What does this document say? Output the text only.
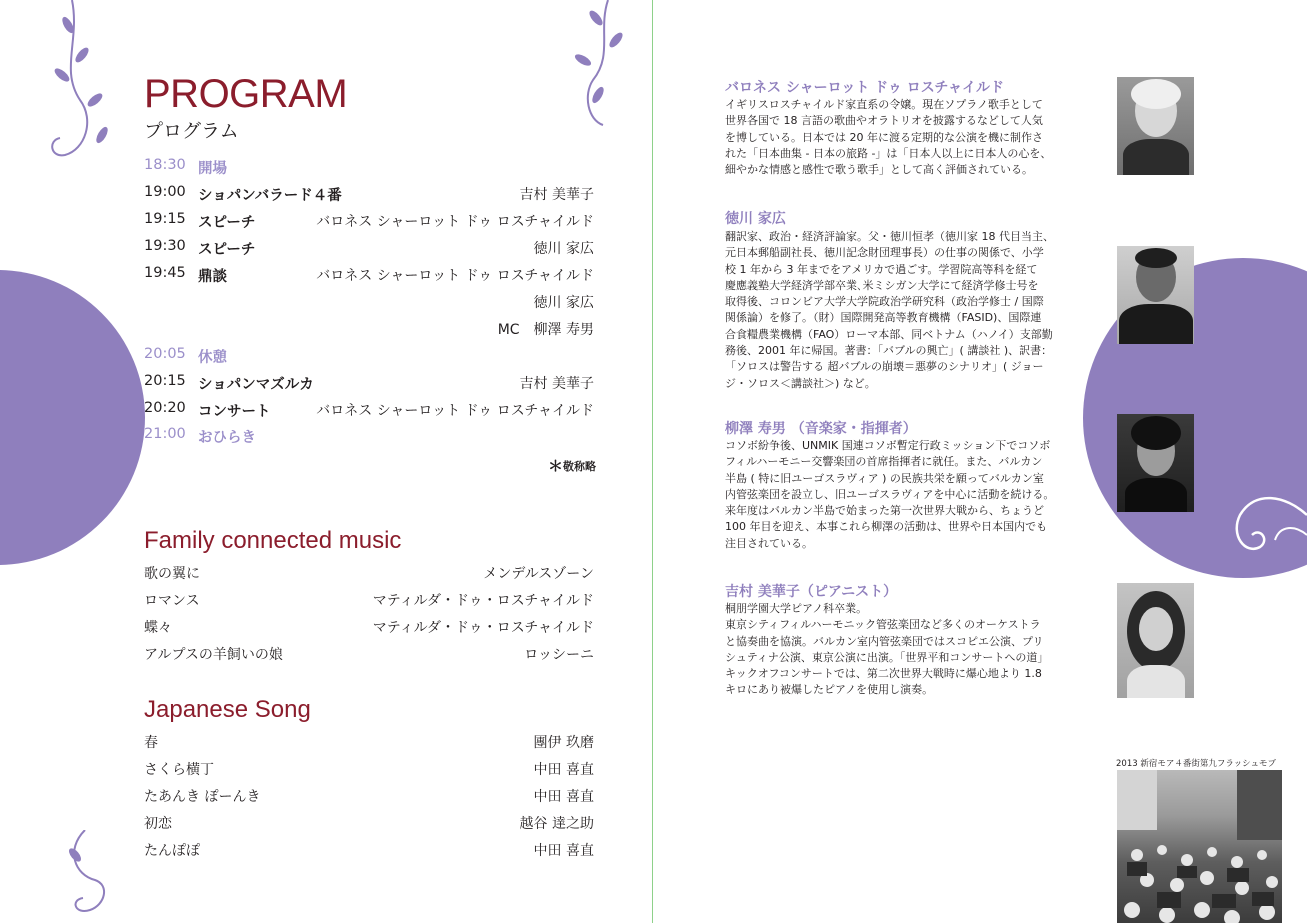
PROGRAM
プログラム
18:30 開場
19:00 ショパンバラード４番	吉村 美華子
19:15 スピーチ	バロネス シャーロット ドゥ ロスチャイルド
19:30 スピーチ	徳川 家広
19:45 鼎談	バロネス シャーロット ドゥ ロスチャイルド
徳川 家広
MC　柳澤 寿男
20:05 休憩
20:15 ショパンマズルカ	吉村 美華子
20:20 コンサート	バロネス シャーロット ドゥ ロスチャイルド
21:00 おひらき
＊敬称略
Family connected music
歌の翼に	メンデルスゾーン
ロマンス	マティルダ・ドゥ・ロスチャイルド
蝶々	マティルダ・ドゥ・ロスチャイルド
アルプスの羊飼いの娘	ロッシーニ
Japanese Song
春	團伊 玖磨
さくら横丁	中田 喜直
たあんき ぽーんき	中田 喜直
初恋	越谷 達之助
たんぽぽ	中田 喜直
バロネス シャーロット ドゥ ロスチャイルド
イギリスロスチャイルド家直系の令嬢。現在ソプラノ歌手として
世界各国で 18 言語の歌曲やオラトリオを披露するなどして人気
を博している。日本では 20 年に渡る定期的な公演を機に制作さ
れた「日本曲集 - 日本の旅路 -」は「日本人以上に日本人の心を、
細やかな情感と感性で歌う歌手」として高く評価されている。
徳川 家広
翻訳家、政治・経済評論家。父・徳川恒孝（徳川家 18 代目当主、
元日本郵船副社長、徳川記念財団理事長）の仕事の関係で、小学
校 1 年から 3 年までをアメリカで過ごす。学習院高等科を経て
慶應義塾大学経済学部卒業､米ミシガン大学にて経済学修士号を
取得後、コロンビア大学大学院政治学研究科（政治学修士 / 国際
関係論）を修了。（財）国際開発高等教育機構（FASID)、国際連
合食糧農業機構（FAO）ローマ本部、同ベトナム（ハノイ）支部勤
務後、2001 年に帰国。著書：「バブルの興亡」( 講談社 )、訳書：
「ソロスは警告する 超バブルの崩壊＝悪夢のシナリオ」( ジョー
ジ・ソロス＜講談社＞) など。
柳澤 寿男 （音楽家・指揮者）
コソボ紛争後、UNMIK 国連コソボ暫定行政ミッション下でコソボ
フィルハーモニー交響楽団の首席指揮者に就任。また、バルカン
半島 ( 特に旧ユーゴスラヴィア ) の民族共栄を願ってバルカン室
内管弦楽団を設立し、旧ユーゴスラヴィアを中心に活動を続ける。
来年度はバルカン半島で始まった第一次世界大戦から、ちょうど
100 年目を迎え、本事これら柳澤の活動は、世界や日本国内でも
注目されている。
吉村 美華子（ピアニスト）
桐朋学園大学ピアノ科卒業。
東京シティフィルハーモニック管弦楽団など多くのオーケストラ
と協奏曲を協演。バルカン室内管弦楽団ではスコピエ公演、プリ
シュティナ公演、東京公演に出演。｢世界平和コンサートへの道｣
キックオフコンサートでは、第二次世界大戦時に爆心地より 1.8
キロにあり被爆したピアノを使用し演奏。
2013 新宿モア４番街第九フラッシュモブ
